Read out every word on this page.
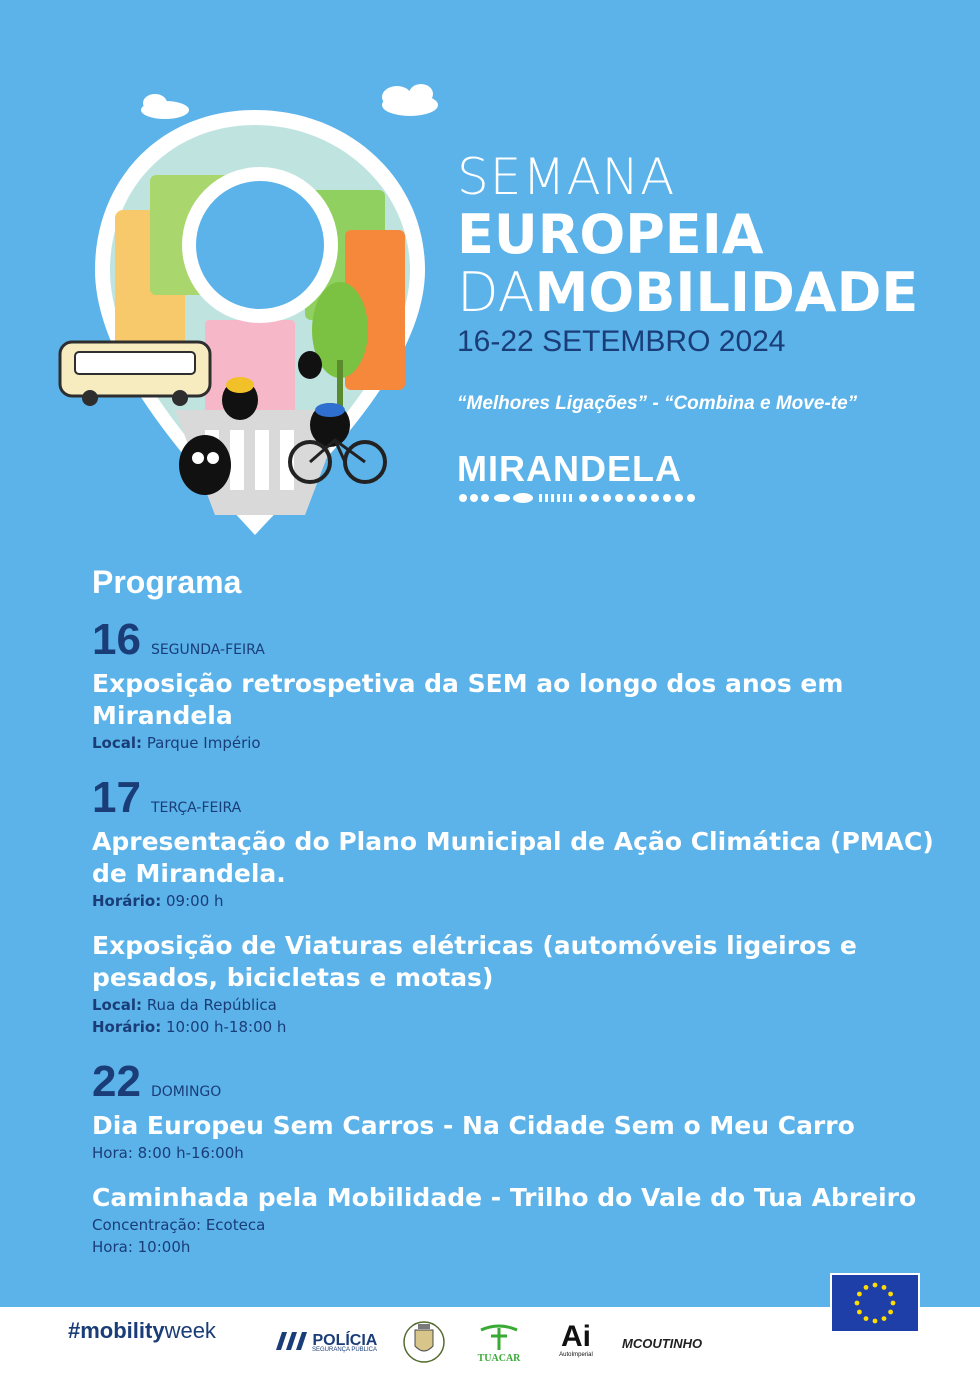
SEMANA
EUROPEIA
DAMOBILIDADE
16-22 SETEMBRO 2024
“Melhores Ligações” - “Combina e Move-te”
MIRANDELA
Programa
16 SEGUNDA-FEIRA
Exposição retrospetiva da SEM ao longo dos anos em Mirandela
Local: Parque Império
17 TERÇA-FEIRA
Apresentação do Plano Municipal de Ação Climática (PMAC) de Mirandela.
Horário: 09:00 h
Exposição de Viaturas elétricas (automóveis ligeiros e pesados, bicicletas e motas)
Local: Rua da República
Horário: 10:00 h-18:00 h
22 DOMINGO
Dia Europeu Sem Carros - Na Cidade Sem o Meu Carro
Hora: 8:00 h-16:00h
Caminhada pela Mobilidade - Trilho do Vale do Tua Abreiro
Concentração: Ecoteca
Hora: 10:00h
#mobilityweek	POLÍCIA
SEGURANÇA PÚBLICA
TUACAR
Ai
AutoImperial
MCOUTINHO
